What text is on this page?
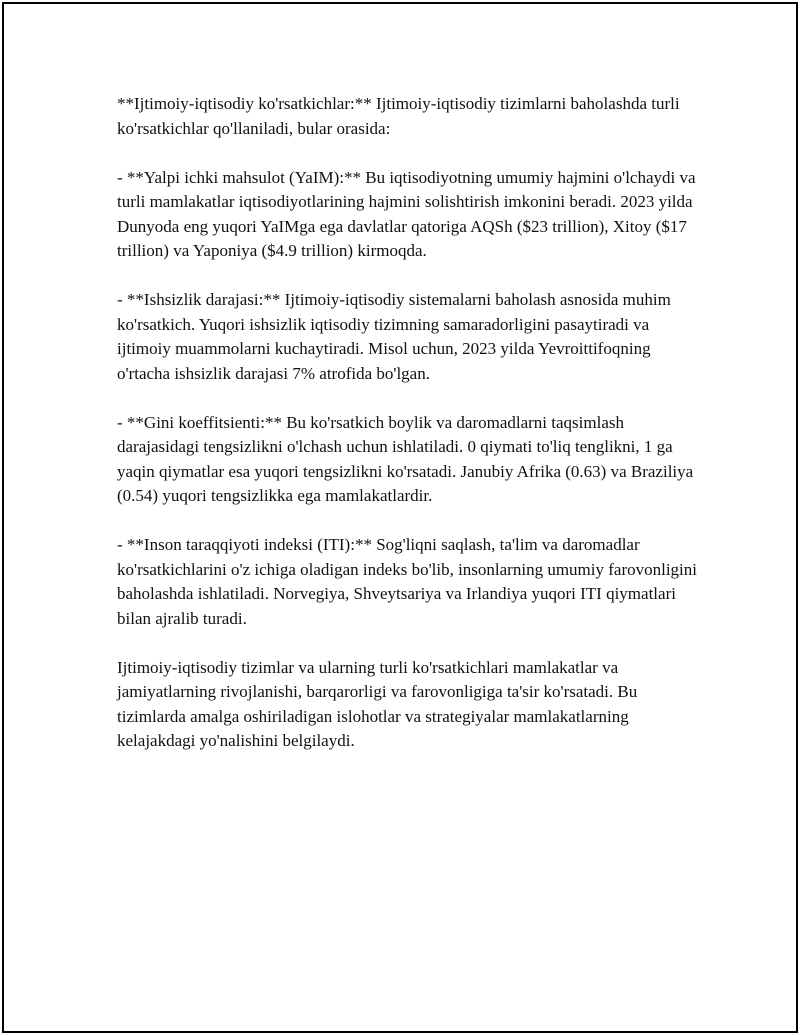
**Ijtimoiy-iqtisodiy ko'rsatkichlar:** Ijtimoiy-iqtisodiy tizimlarni baholashda turli ko'rsatkichlar qo'llaniladi, bular orasida:

- **Yalpi ichki mahsulot (YaIM):** Bu iqtisodiyotning umumiy hajmini o'lchaydi va turli mamlakatlar iqtisodiyotlarining hajmini solishtirish imkonini beradi. 2023 yilda Dunyoda eng yuqori YaIMga ega davlatlar qatoriga AQSh ($23 trillion), Xitoy ($17 trillion) va Yaponiya ($4.9 trillion) kirmoqda.

- **Ishsizlik darajasi:** Ijtimoiy-iqtisodiy sistemalarni baholash asnosida muhim ko'rsatkich. Yuqori ishsizlik iqtisodiy tizimning samaradorligini pasaytiradi va ijtimoiy muammolarni kuchaytiradi. Misol uchun, 2023 yilda Yevroittifoqning o'rtacha ishsizlik darajasi 7% atrofida bo'lgan.

- **Gini koeffitsienti:** Bu ko'rsatkich boylik va daromadlarni taqsimlash darajasidagi tengsizlikni o'lchash uchun ishlatiladi. 0 qiymati to'liq tenglikni, 1 ga yaqin qiymatlar esa yuqori tengsizlikni ko'rsatadi. Janubiy Afrika (0.63) va Braziliya (0.54) yuqori tengsizlikka ega mamlakatlardir.

- **Inson taraqqiyoti indeksi (ITI):** Sog'liqni saqlash, ta'lim va daromadlar ko'rsatkichlarini o'z ichiga oladigan indeks bo'lib, insonlarning umumiy farovonligini baholashda ishlatiladi. Norvegiya, Shveytsariya va Irlandiya yuqori ITI qiymatlari bilan ajralib turadi.

Ijtimoiy-iqtisodiy tizimlar va ularning turli ko'rsatkichlari mamlakatlar va jamiyatlarning rivojlanishi, barqarorligi va farovonligiga ta'sir ko'rsatadi. Bu tizimlarda amalga oshiriladigan islohotlar va strategiyalar mamlakatlarning kelajakdagi yo'nalishini belgilaydi.
